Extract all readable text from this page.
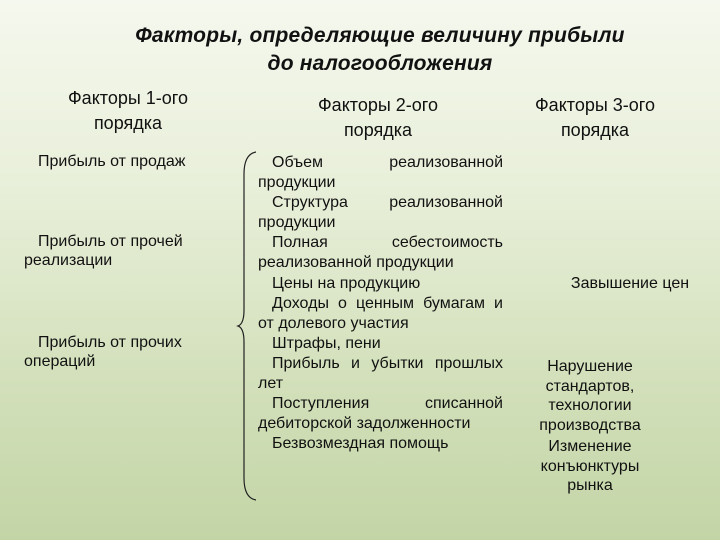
Факторы, определяющие величину прибыли
до налогообложения
Факторы 1-ого
порядка
Факторы 2-ого
порядка
Факторы 3-ого
порядка
Прибыль от продаж
Прибыль от прочей
реализации
Прибыль от прочих
операций

Объем реализованной продукции

Структура реализованной продукции

Полная себестоимость реализованной продукции

Цены на продукцию

Доходы о ценным бумагам и от долевого участия

Штрафы, пени

Прибыль и убытки прошлых лет

Поступления списанной дебиторской задолженности

Безвозмездная помощь

Завышение цен
Нарушение
стандартов,
технологии
производства
Изменение
конъюнктуры
рынка
